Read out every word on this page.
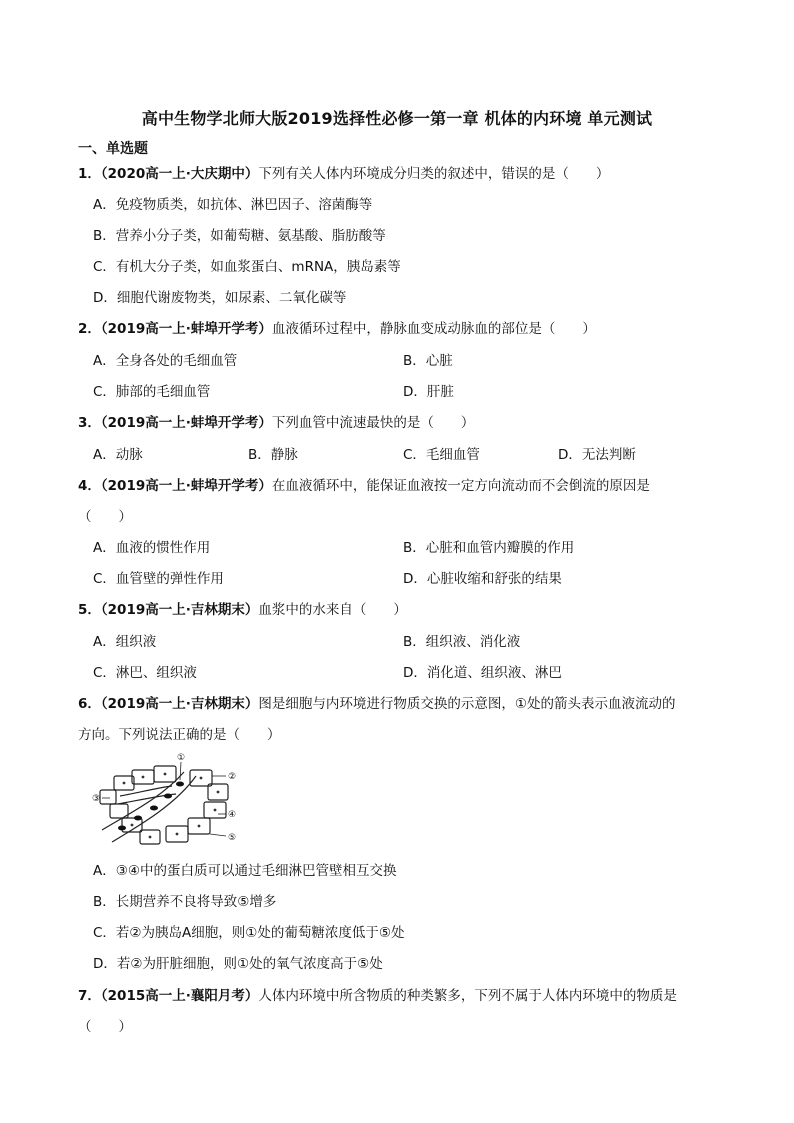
高中生物学北师大版2019选择性必修一第一章 机体的内环境 单元测试
一、单选题
1．（2020高一上·大庆期中）下列有关人体内环境成分归类的叙述中，错误的是（　　）
A．免疫物质类，如抗体、淋巴因子、溶菌酶等
B．营养小分子类，如葡萄糖、氨基酸、脂肪酸等
C．有机大分子类，如血浆蛋白、mRNA，胰岛素等
D．细胞代谢废物类，如尿素、二氧化碳等
2．（2019高一上·蚌埠开学考）血液循环过程中，静脉血变成动脉血的部位是（　　）
A．全身各处的毛细血管	B．心脏
C．肺部的毛细血管	D．肝脏
3．（2019高一上·蚌埠开学考）下列血管中流速最快的是（　　）
A．动脉	B．静脉	C．毛细血管	D．无法判断
4．（2019高一上·蚌埠开学考）在血液循环中，能保证血液按一定方向流动而不会倒流的原因是
（　　）
A．血液的惯性作用	B．心脏和血管内瓣膜的作用
C．血管壁的弹性作用	D．心脏收缩和舒张的结果
5．（2019高一上·吉林期末）血浆中的水来自（　　）
A．组织液	B．组织液、消化液
C．淋巴、组织液	D．消化道、组织液、淋巴
6．（2019高一上·吉林期末）图是细胞与内环境进行物质交换的示意图，①处的箭头表示血液流动的
方向。下列说法正确的是（　　）
①
②
③
④
⑤
A．③④中的蛋白质可以通过毛细淋巴管壁相互交换
B．长期营养不良将导致⑤增多
C．若②为胰岛A细胞，则①处的葡萄糖浓度低于⑤处
D．若②为肝脏细胞，则①处的氧气浓度高于⑤处
7．（2015高一上·襄阳月考）人体内环境中所含物质的种类繁多，下列不属于人体内环境中的物质是
（　　）
